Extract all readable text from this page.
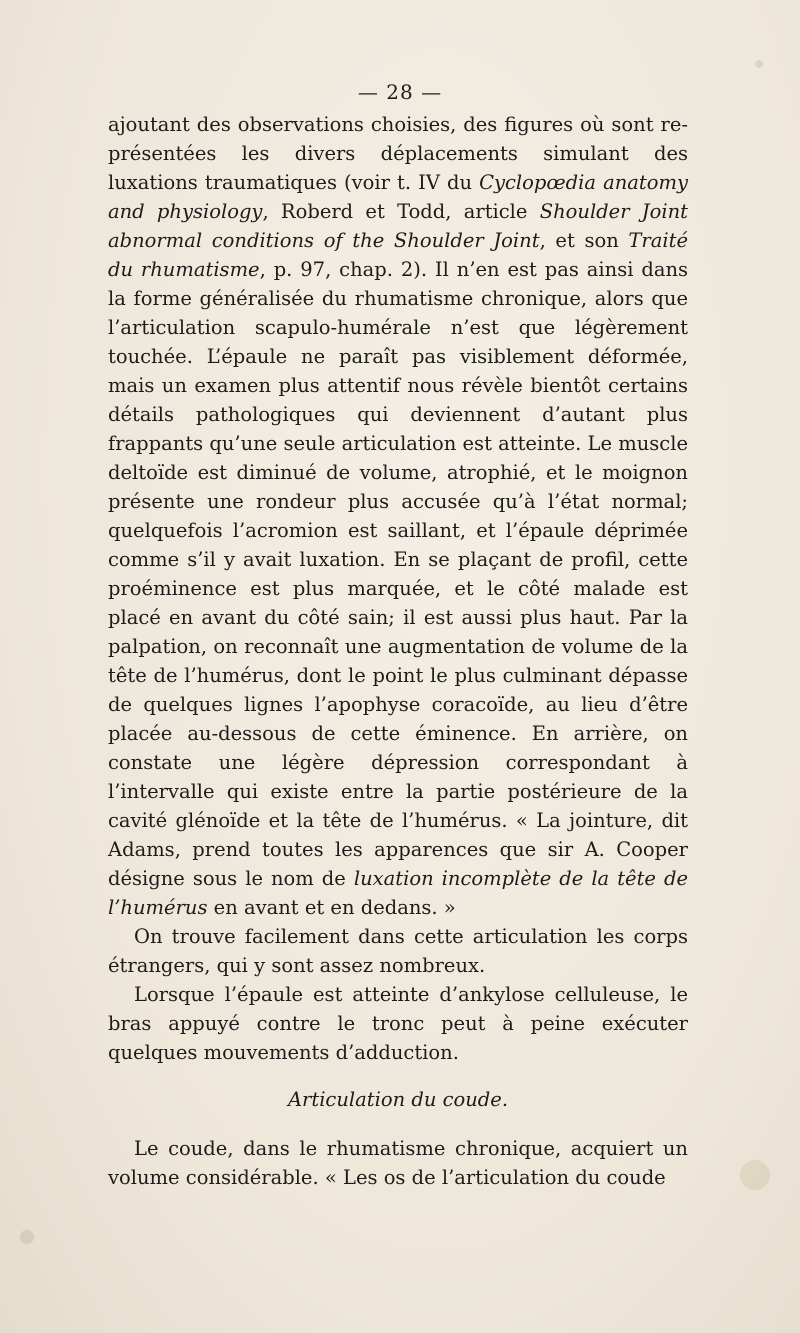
— 28 —

ajoutant des observations choisies, des figures où sont représentées les divers déplacements simulant des luxations traumatiques (voir t. IV du Cyclopœdia anatomy and physiology, Roberd et Todd, article Shoulder Joint abnormal conditions of the Shoulder Joint, et son Traité du rhumatisme, p. 97, chap. 2). Il n’en est pas ainsi dans la forme généralisée du rhumatisme chronique, alors que l’articulation scapulo-humérale n’est que légèrement touchée. L’épaule ne paraît pas visiblement déformée, mais un examen plus attentif nous révèle bientôt certains détails pathologiques qui deviennent d’autant plus frappants qu’une seule articulation est atteinte. Le muscle deltoïde est diminué de volume, atrophié, et le moignon présente une rondeur plus accusée qu’à l’état normal; quelquefois l’acromion est saillant, et l’épaule déprimée comme s’il y avait luxation. En se plaçant de profil, cette proéminence est plus marquée, et le côté malade est placé en avant du côté sain; il est aussi plus haut. Par la palpation, on reconnaît une augmentation de volume de la tête de l’humérus, dont le point le plus culminant dépasse de quelques lignes l’apophyse coracoïde, au lieu d’être placée au-dessous de cette éminence. En arrière, on constate une légère dépression correspondant à l’intervalle qui existe entre la partie postérieure de la cavité glénoïde et la tête de l’humérus. « La jointure, dit Adams, prend toutes les apparences que sir A. Cooper désigne sous le nom de luxation incomplète de la tête de l’humérus en avant et en dedans. »

On trouve facilement dans cette articulation les corps étrangers, qui y sont assez nombreux.

Lorsque l’épaule est atteinte d’ankylose celluleuse, le bras appuyé contre le tronc peut à peine exécuter quelques mouvements d’adduction.

Articulation du coude.

Le coude, dans le rhumatisme chronique, acquiert un volume considérable. « Les os de l’articulation du coude
